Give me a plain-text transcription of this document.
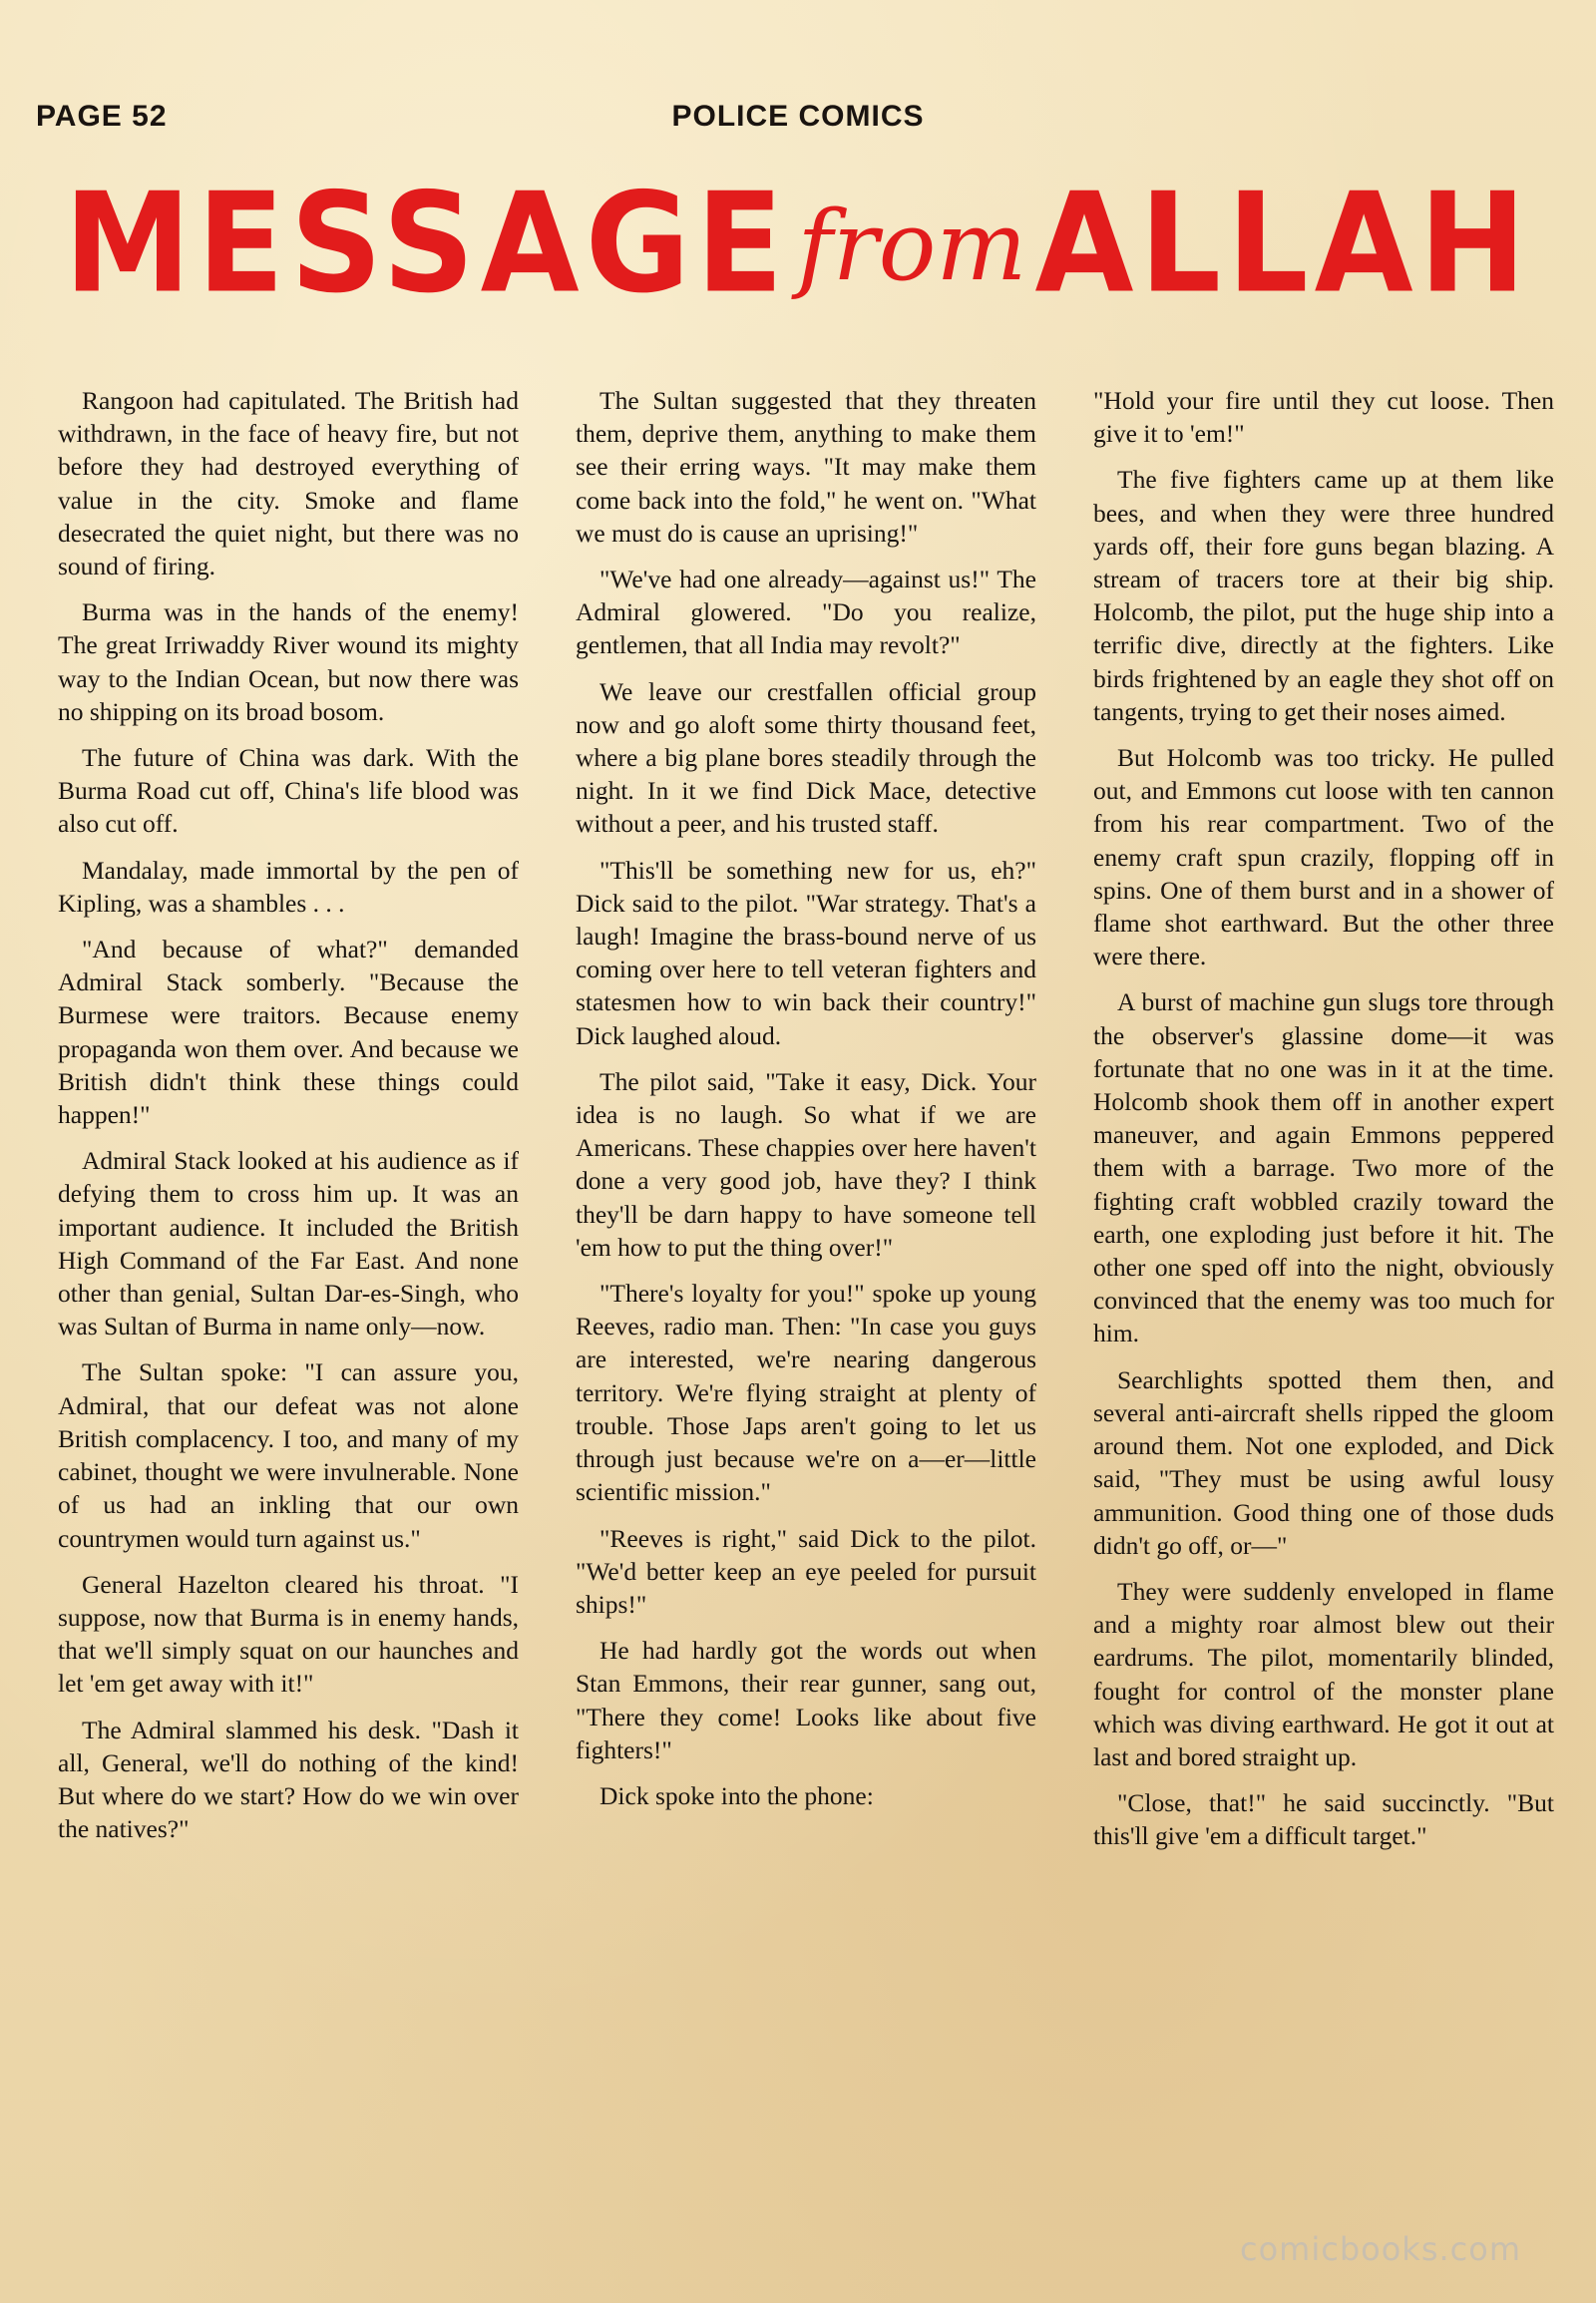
PAGE 52	POLICE COMICS
MESSAGEfromALLAH

Rangoon had capitulated. The British had withdrawn, in the face of heavy fire, but not before they had destroyed everything of value in the city. Smoke and flame desecrated the quiet night, but there was no sound of firing.

Burma was in the hands of the enemy! The great Irriwaddy River wound its mighty way to the Indian Ocean, but now there was no shipping on its broad bosom.

The future of China was dark. With the Burma Road cut off, China's life blood was also cut off.

Mandalay, made immortal by the pen of Kipling, was a shambles . . .

"And because of what?" demanded Admiral Stack somberly. "Because the Burmese were traitors. Because enemy propaganda won them over. And because we British didn't think these things could happen!"

Admiral Stack looked at his audience as if defying them to cross him up. It was an important audience. It included the British High Command of the Far East. And none other than genial, Sultan Dar-es-Singh, who was Sultan of Burma in name only—now.

The Sultan spoke: "I can assure you, Admiral, that our defeat was not alone British complacency. I too, and many of my cabinet, thought we were invulnerable. None of us had an inkling that our own countrymen would turn against us."

General Hazelton cleared his throat. "I suppose, now that Burma is in enemy hands, that we'll simply squat on our haunches and let 'em get away with it!"

The Admiral slammed his desk. "Dash it all, General, we'll do nothing of the kind! But where do we start? How do we win over the natives?"

The Sultan suggested that they threaten them, deprive them, anything to make them see their erring ways. "It may make them come back into the fold," he went on. "What we must do is cause an uprising!"

"We've had one already—against us!" The Admiral glowered. "Do you realize, gentlemen, that all India may revolt?"

We leave our crestfallen official group now and go aloft some thirty thousand feet, where a big plane bores steadily through the night. In it we find Dick Mace, detective without a peer, and his trusted staff.

"This'll be something new for us, eh?" Dick said to the pilot. "War strategy. That's a laugh! Imagine the brass-bound nerve of us coming over here to tell veteran fighters and statesmen how to win back their country!" Dick laughed aloud.

The pilot said, "Take it easy, Dick. Your idea is no laugh. So what if we are Americans. These chappies over here haven't done a very good job, have they? I think they'll be darn happy to have someone tell 'em how to put the thing over!"

"There's loyalty for you!" spoke up young Reeves, radio man. Then: "In case you guys are interested, we're nearing dangerous territory. We're flying straight at plenty of trouble. Those Japs aren't going to let us through just because we're on a—er—little scientific mission."

"Reeves is right," said Dick to the pilot. "We'd better keep an eye peeled for pursuit ships!"

He had hardly got the words out when Stan Emmons, their rear gunner, sang out, "There they come! Looks like about five fighters!"

Dick spoke into the phone:

"Hold your fire until they cut loose. Then give it to 'em!"

The five fighters came up at them like bees, and when they were three hundred yards off, their fore guns began blazing. A stream of tracers tore at their big ship. Holcomb, the pilot, put the huge ship into a terrific dive, directly at the fighters. Like birds frightened by an eagle they shot off on tangents, trying to get their noses aimed.

But Holcomb was too tricky. He pulled out, and Emmons cut loose with ten cannon from his rear compartment. Two of the enemy craft spun crazily, flopping off in spins. One of them burst and in a shower of flame shot earthward. But the other three were there.

A burst of machine gun slugs tore through the observer's glassine dome—it was fortunate that no one was in it at the time. Holcomb shook them off in another expert maneuver, and again Emmons peppered them with a barrage. Two more of the fighting craft wobbled crazily toward the earth, one exploding just before it hit. The other one sped off into the night, obviously convinced that the enemy was too much for him.

Searchlights spotted them then, and several anti-aircraft shells ripped the gloom around them. Not one exploded, and Dick said, "They must be using awful lousy ammunition. Good thing one of those duds didn't go off, or—"

They were suddenly enveloped in flame and a mighty roar almost blew out their eardrums. The pilot, momentarily blinded, fought for control of the monster plane which was diving earthward. He got it out at last and bored straight up.

"Close, that!" he said succinctly. "But this'll give 'em a difficult target."

comicbooks.com
